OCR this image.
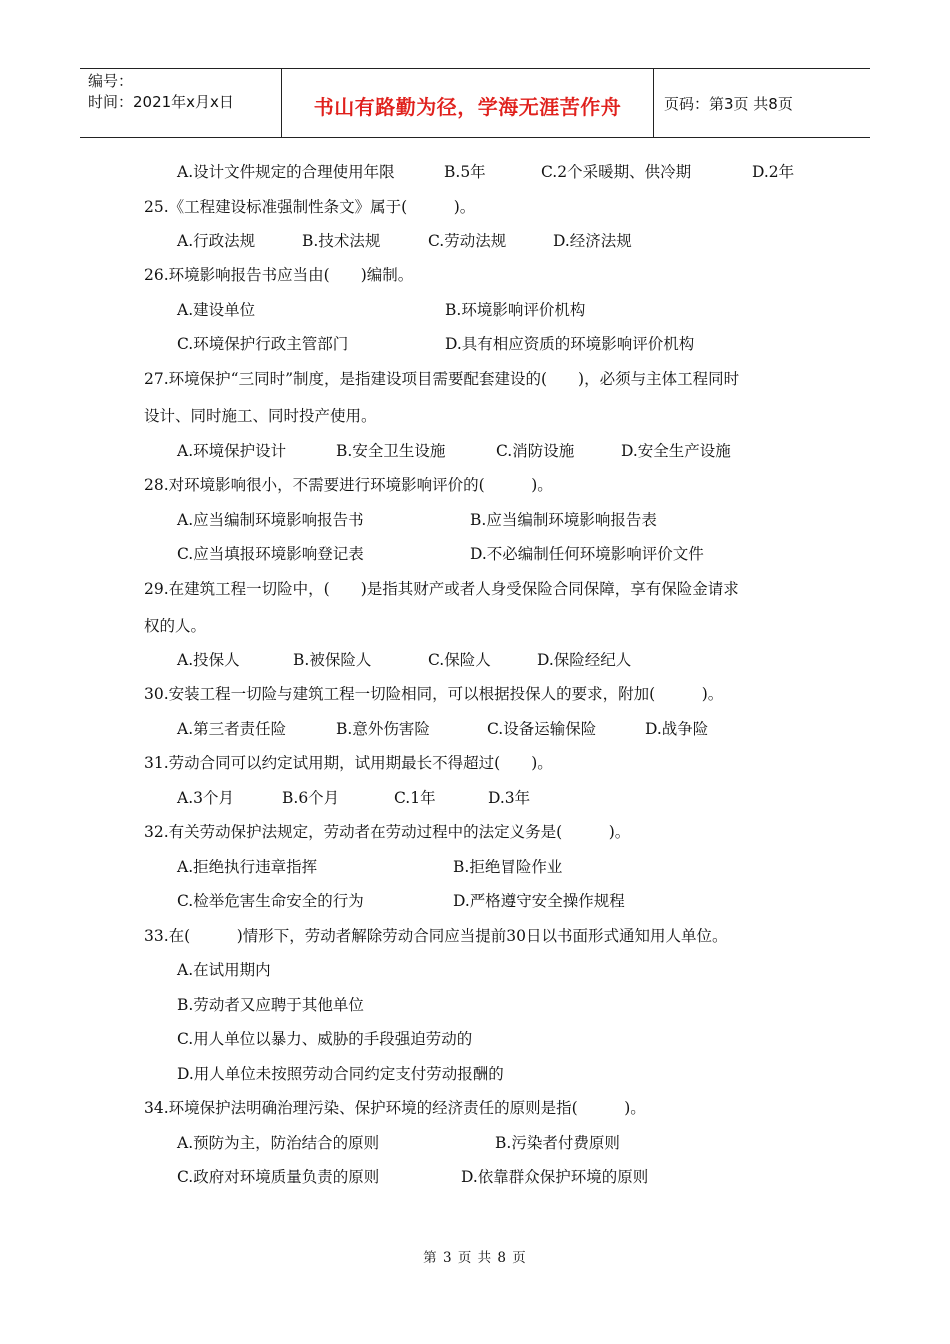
编号：
时间：2021年x月x日	书山有路勤为径，学海无涯苦作舟	页码：第3页 共8页
A.设计文件规定的合理使用年限	B.5年	C.2个采暖期、供冷期	D.2年
25.《工程建设标准强制性条文》属于(　　　)。
A.行政法规	B.技术法规	C.劳动法规	D.经济法规
26.环境影响报告书应当由(　　)编制。
A.建设单位	B.环境影响评价机构
C.环境保护行政主管部门	D.具有相应资质的环境影响评价机构
27.环境保护“三同时”制度，是指建设项目需要配套建设的(　　)，必须与主体工程同时
设计、同时施工、同时投产使用。
A.环境保护设计	B.安全卫生设施	C.消防设施	D.安全生产设施
28.对环境影响很小，不需要进行环境影响评价的(　　　)。
A.应当编制环境影响报告书	B.应当编制环境影响报告表
C.应当填报环境影响登记表	D.不必编制任何环境影响评价文件
29.在建筑工程一切险中，(　　)是指其财产或者人身受保险合同保障，享有保险金请求
权的人。
A.投保人	B.被保险人	C.保险人	D.保险经纪人
30.安装工程一切险与建筑工程一切险相同，可以根据投保人的要求，附加(　　　)。
A.第三者责任险	B.意外伤害险	C.设备运输保险	D.战争险
31.劳动合同可以约定试用期，试用期最长不得超过(　　)。
A.3个月	B.6个月	C.1年	D.3年
32.有关劳动保护法规定，劳动者在劳动过程中的法定义务是(　　　)。
A.拒绝执行违章指挥	B.拒绝冒险作业
C.检举危害生命安全的行为	D.严格遵守安全操作规程
33.在(　　　)情形下，劳动者解除劳动合同应当提前30日以书面形式通知用人单位。
A.在试用期内
B.劳动者又应聘于其他单位
C.用人单位以暴力、威胁的手段强迫劳动的
D.用人单位未按照劳动合同约定支付劳动报酬的
34.环境保护法明确治理污染、保护环境的经济责任的原则是指(　　　)。
A.预防为主，防治结合的原则	B.污染者付费原则
C.政府对环境质量负责的原则	D.依靠群众保护环境的原则
第 3 页 共 8 页
